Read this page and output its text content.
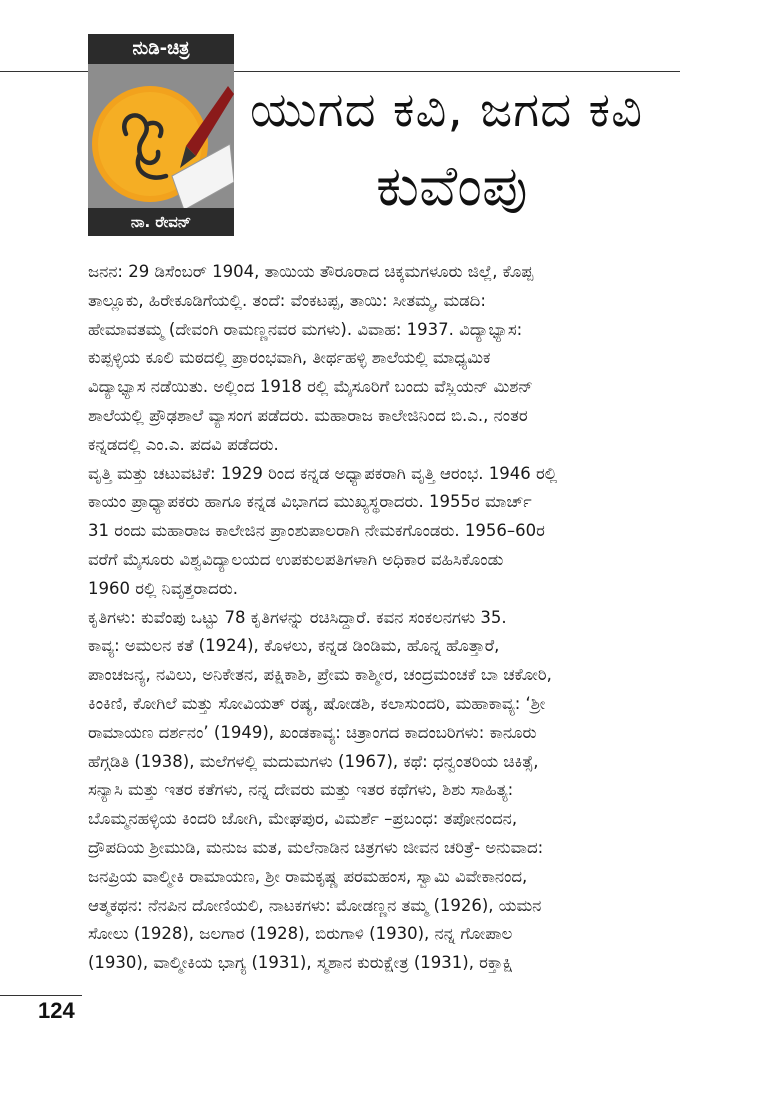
ನುಡಿ-ಚಿತ್ರ
ನಾ. ರೇವನ್
ಯುಗದ ಕವಿ, ಜಗದ ಕವಿ
ಕುವೆಂಪು
ಜನನ: 29 ಡಿಸೆಂಬರ್ 1904, ತಾಯಿಯ ತೌರೂರಾದ ಚಿಕ್ಕಮಗಳೂರು ಜಿಲ್ಲೆ, ಕೊಪ್ಪ
ತಾಲ್ಲೂಕು, ಹಿರೇಕೂಡಿಗೆಯಲ್ಲಿ. ತಂದೆ: ವೆಂಕಟಪ್ಪ, ತಾಯಿ: ಸೀತಮ್ಮ, ಮಡದಿ:
ಹೇಮಾವತಮ್ಮ (ದೇವಂಗಿ ರಾಮಣ್ಣನವರ ಮಗಳು). ವಿವಾಹ: 1937. ವಿದ್ಯಾಭ್ಯಾಸ:
ಕುಪ್ಪಳ್ಳಿಯ ಕೂಲಿ ಮಠದಲ್ಲಿ ಪ್ರಾರಂಭವಾಗಿ, ತೀರ್ಥಹಳ್ಳಿ ಶಾಲೆಯಲ್ಲಿ ಮಾಧ್ಯಮಿಕ
ವಿದ್ಯಾಭ್ಯಾಸ ನಡೆಯಿತು. ಅಲ್ಲಿಂದ 1918 ರಲ್ಲಿ ಮೈಸೂರಿಗೆ ಬಂದು ವೆಸ್ಲಿಯನ್ ಮಿಶನ್
ಶಾಲೆಯಲ್ಲಿ ಪ್ರೌಢಶಾಲೆ ವ್ಯಾಸಂಗ ಪಡೆದರು. ಮಹಾರಾಜ ಕಾಲೇಜಿನಿಂದ ಬಿ.ಎ., ನಂತರ
ಕನ್ನಡದಲ್ಲಿ ಎಂ.ಎ. ಪದವಿ ಪಡೆದರು.
ವೃತ್ತಿ ಮತ್ತು ಚಟುವಟಿಕೆ: 1929 ರಿಂದ ಕನ್ನಡ ಅಧ್ಯಾಪಕರಾಗಿ ವೃತ್ತಿ ಆರಂಭ. 1946 ರಲ್ಲಿ
ಕಾಯಂ ಪ್ರಾಧ್ಯಾಪಕರು ಹಾಗೂ ಕನ್ನಡ ವಿಭಾಗದ ಮುಖ್ಯಸ್ಥರಾದರು. 1955ರ ಮಾರ್ಚ್
31 ರಂದು ಮಹಾರಾಜ ಕಾಲೇಜಿನ ಪ್ರಾಂಶುಪಾಲರಾಗಿ ನೇಮಕಗೊಂಡರು. 1956–60ರ
ವರೆಗೆ ಮೈಸೂರು ವಿಶ್ವವಿದ್ಯಾಲಯದ ಉಪಕುಲಪತಿಗಳಾಗಿ ಅಧಿಕಾರ ವಹಿಸಿಕೊಂಡು
1960 ರಲ್ಲಿ ನಿವೃತ್ತರಾದರು.
ಕೃತಿಗಳು: ಕುವೆಂಪು ಒಟ್ಟು 78 ಕೃತಿಗಳನ್ನು ರಚಿಸಿದ್ದಾರೆ. ಕವನ ಸಂಕಲನಗಳು 35.
ಕಾವ್ಯ: ಅಮಲನ ಕತೆ (1924), ಕೊಳಲು, ಕನ್ನಡ ಡಿಂಡಿಮ, ಹೊನ್ನ ಹೊತ್ತಾರೆ,
ಪಾಂಚಜನ್ಯ, ನವಿಲು, ಅನಿಕೇತನ, ಪಕ್ಷಿಕಾಶಿ, ಪ್ರೇಮ ಕಾಶ್ಮೀರ, ಚಂದ್ರಮಂಚಕೆ ಬಾ ಚಕೋರಿ,
ಕಿಂಕಿಣಿ, ಕೋಗಿಲೆ ಮತ್ತು ಸೋವಿಯತ್ ರಷ್ಯ, ಷೋಡಶಿ, ಕಲಾಸುಂದರಿ, ಮಹಾಕಾವ್ಯ: ‘ಶ್ರೀ
ರಾಮಾಯಣ ದರ್ಶನಂ’ (1949), ಖಂಡಕಾವ್ಯ: ಚಿತ್ರಾಂಗದ ಕಾದಂಬರಿಗಳು: ಕಾನೂರು
ಹೆಗ್ಗಡಿತಿ (1938), ಮಲೆಗಳಲ್ಲಿ ಮದುಮಗಳು (1967), ಕಥೆ: ಧನ್ವಂತರಿಯ ಚಿಕಿತ್ಸೆ,
ಸನ್ಯಾಸಿ ಮತ್ತು ಇತರ ಕತೆಗಳು, ನನ್ನ ದೇವರು ಮತ್ತು ಇತರ ಕಥೆಗಳು, ಶಿಶು ಸಾಹಿತ್ಯ:
ಬೊಮ್ಮನಹಳ್ಳಿಯ ಕಿಂದರಿ ಜೋಗಿ, ಮೇಘಪುರ, ವಿಮರ್ಶೆ –ಪ್ರಬಂಧ: ತಪೋನಂದನ,
ದ್ರೌಪದಿಯ ಶ್ರೀಮುಡಿ, ಮನುಜ ಮತ, ಮಲೆನಾಡಿನ ಚಿತ್ರಗಳು ಜೀವನ ಚರಿತ್ರೆ- ಅನುವಾದ:
ಜನಪ್ರಿಯ ವಾಲ್ಮೀಕಿ ರಾಮಾಯಣ, ಶ್ರೀ ರಾಮಕೃಷ್ಣ ಪರಮಹಂಸ, ಸ್ವಾಮಿ ವಿವೇಕಾನಂದ,
ಆತ್ಮಕಥನ: ನೆನಪಿನ ದೋಣಿಯಲಿ, ನಾಟಕಗಳು: ಮೋಡಣ್ಣನ ತಮ್ಮ (1926), ಯಮನ
ಸೋಲು (1928), ಜಲಗಾರ (1928), ಬಿರುಗಾಳಿ (1930), ನನ್ನ ಗೋಪಾಲ
(1930), ವಾಲ್ಮೀಕಿಯ ಭಾಗ್ಯ (1931), ಸ್ಮಶಾನ ಕುರುಕ್ಷೇತ್ರ (1931), ರಕ್ತಾಕ್ಷಿ
124
